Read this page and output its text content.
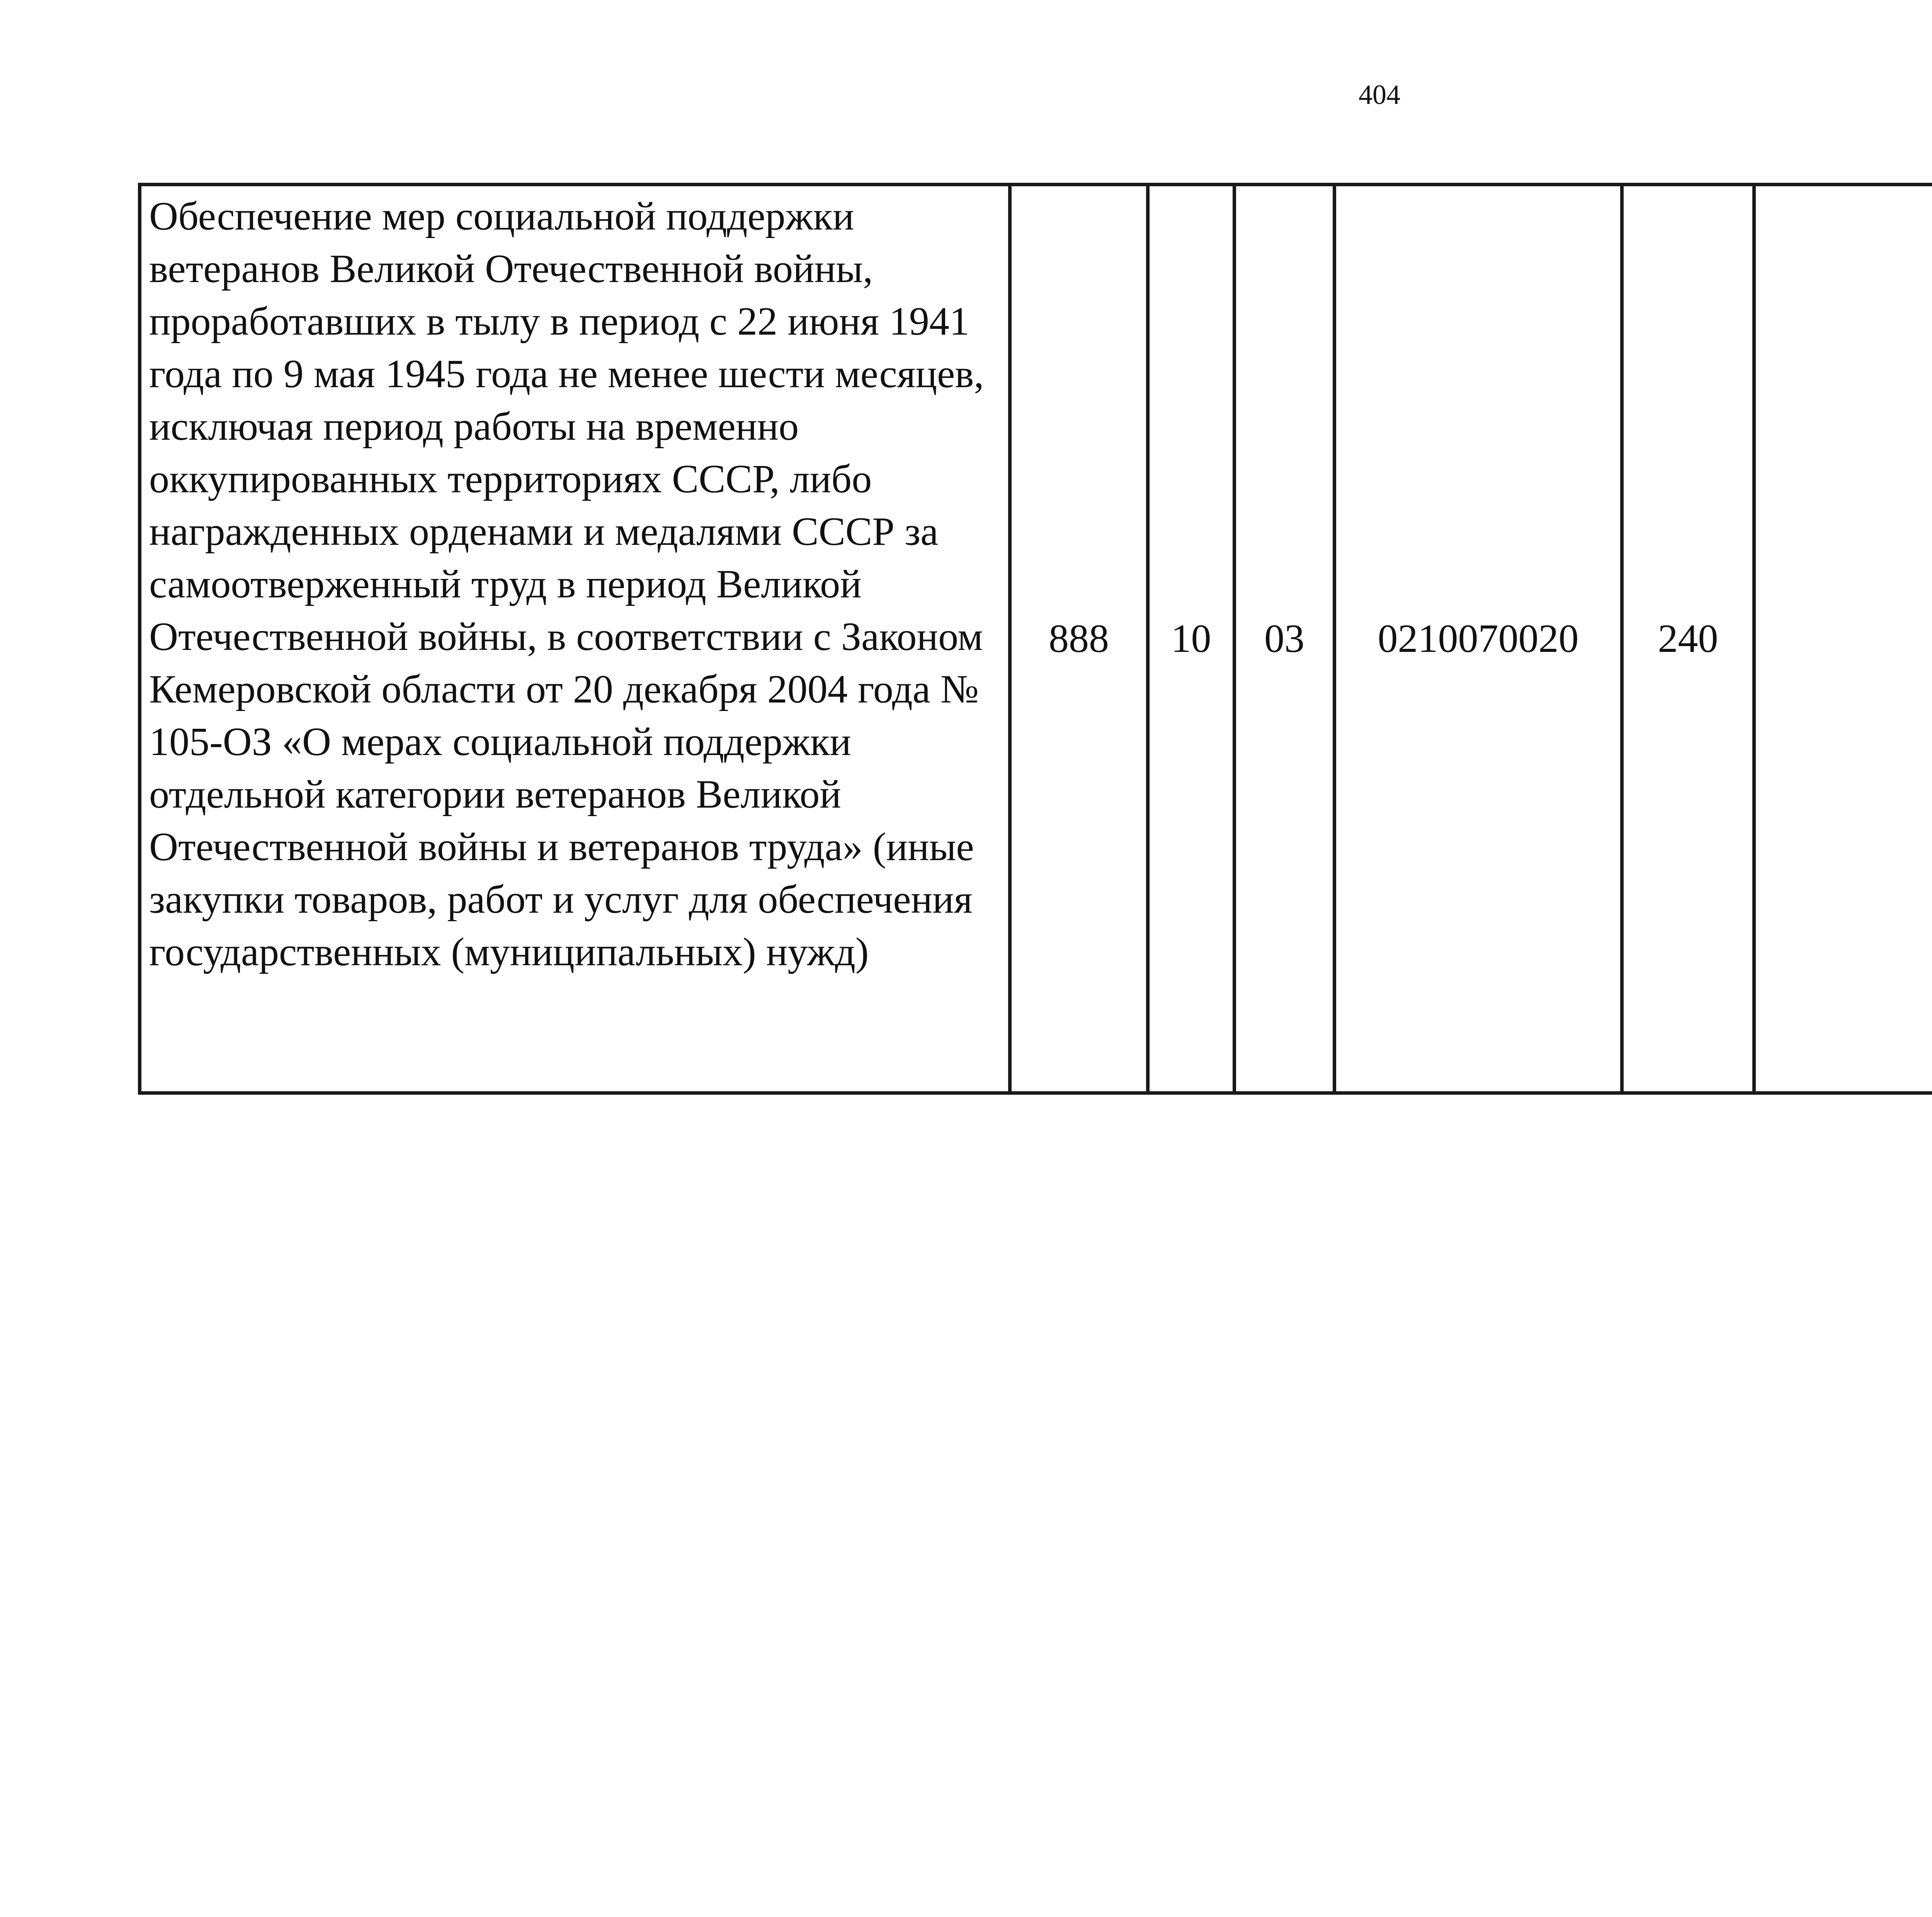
404
Обеспечение мер социальной поддержки ветеранов Великой Отечественной войны, проработавших в тылу в период с 22 июня 1941 года по 9 мая 1945 года не менее шести месяцев, исключая период работы на временно оккупированных территориях СССР, либо награжденных орденами и медалями СССР за самоотверженный труд в период Великой Отечественной войны, в соответствии с Законом Кемеровской области от 20 декабря 2004 года № 105-ОЗ «О мерах социальной поддержки отдельной категории ветеранов Великой Отечественной войны и ветеранов труда» (иные закупки товаров, работ и услуг для обеспечения государственных (муниципальных) нужд)	888	10	03	0210070020	240			
